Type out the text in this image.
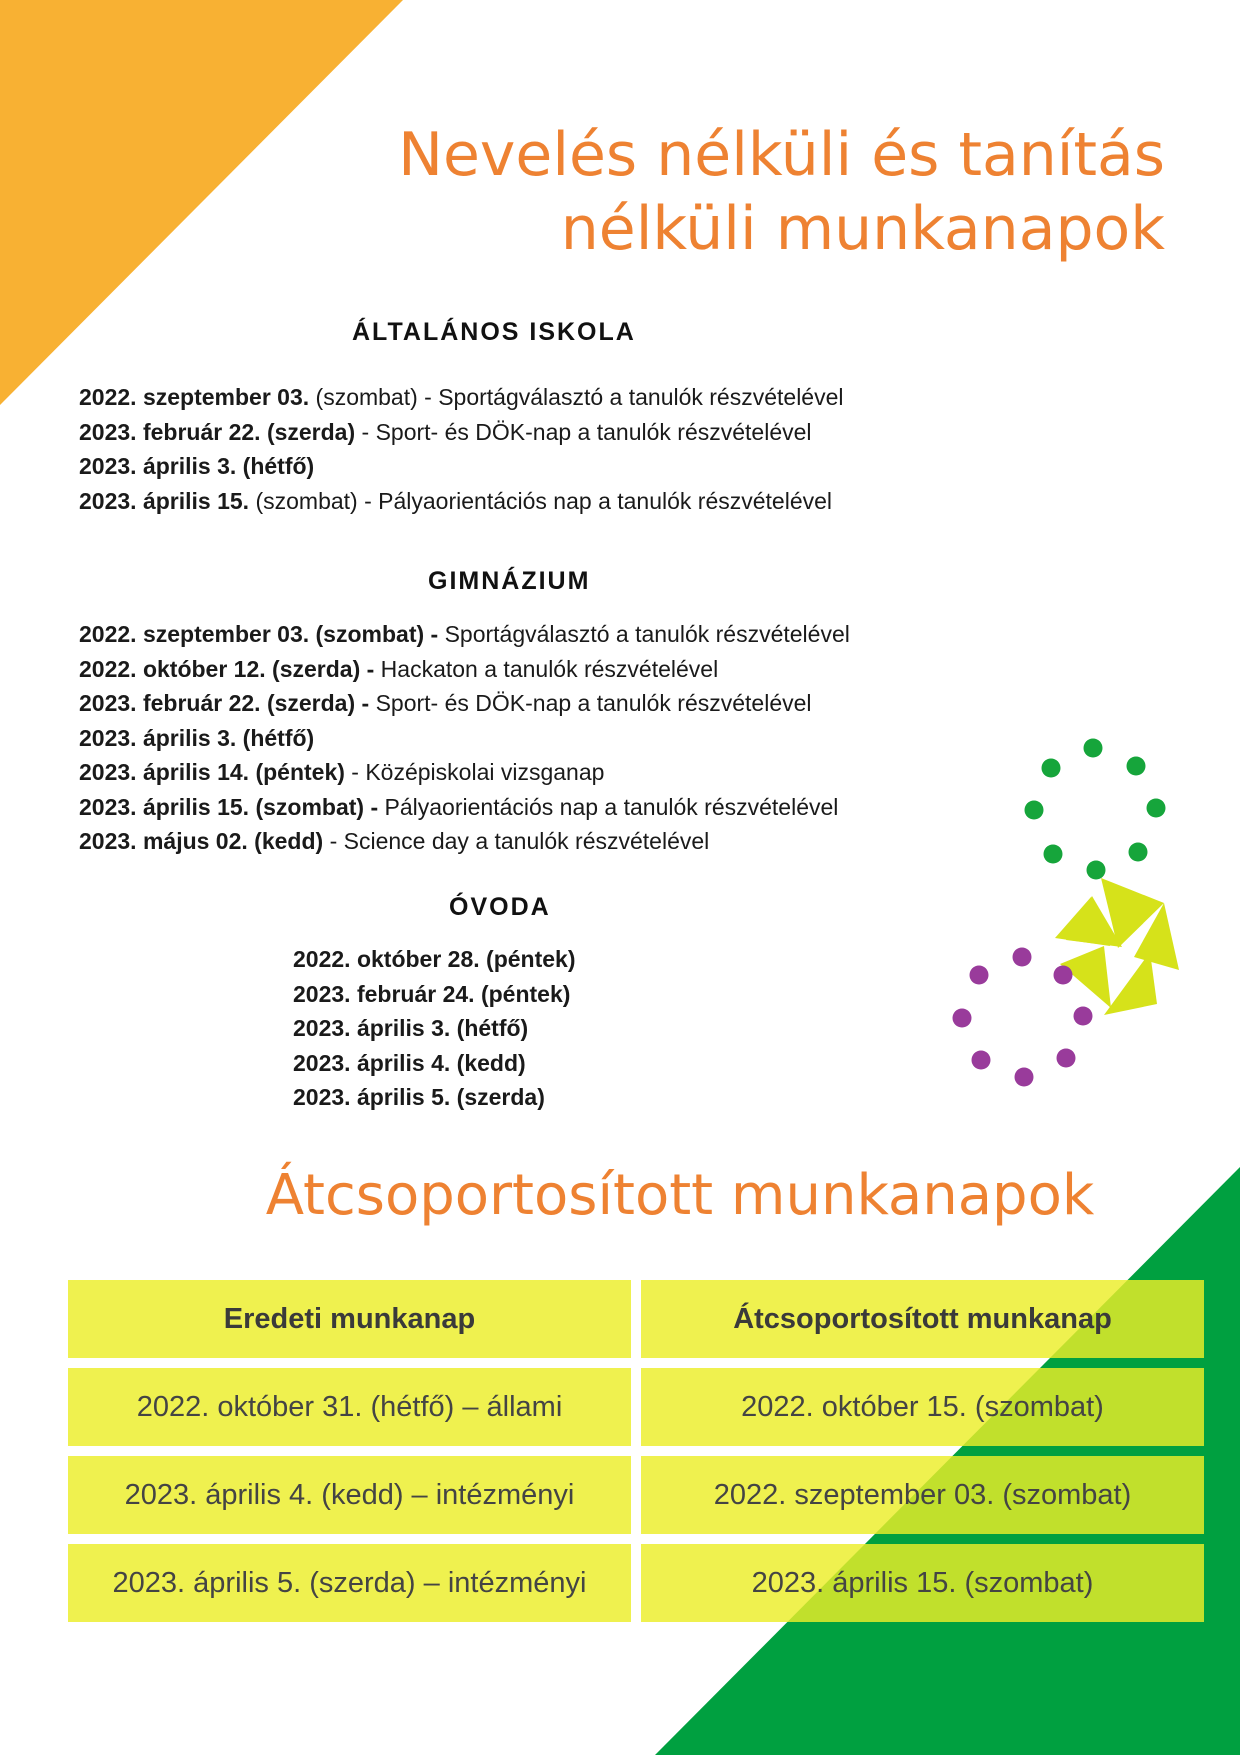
Nevelés nélküli és tanítás
nélküli munkanapok
ÁLTALÁNOS ISKOLA
2022. szeptember 03. (szombat) - Sportágválasztó a tanulók részvételével
2023. február 22. (szerda) - Sport- és DÖK-nap a tanulók részvételével
2023. április 3. (hétfő)
2023. április 15. (szombat) - Pályaorientációs nap a tanulók részvételével
GIMNÁZIUM
2022. szeptember 03. (szombat) - Sportágválasztó a tanulók részvételével
2022. október 12. (szerda) - Hackaton a tanulók részvételével
2023. február 22. (szerda) - Sport- és DÖK-nap a tanulók részvételével
2023. április 3. (hétfő)
2023. április 14. (péntek) - Középiskolai vizsganap
2023. április 15. (szombat) - Pályaorientációs nap a tanulók részvételével
2023. május 02. (kedd) - Science day a tanulók részvételével
ÓVODA
2022. október 28. (péntek)
2023. február 24. (péntek)
2023. április 3. (hétfő)
2023. április 4. (kedd)
2023. április 5. (szerda)
Átcsoportosított munkanapok
Eredeti munkanap	Átcsoportosított munkanap
2022. október 31. (hétfő) – állami	2022. október 15. (szombat)
2023. április 4. (kedd) – intézményi	2022. szeptember 03. (szombat)
2023. április 5. (szerda) – intézményi	2023. április 15. (szombat)
